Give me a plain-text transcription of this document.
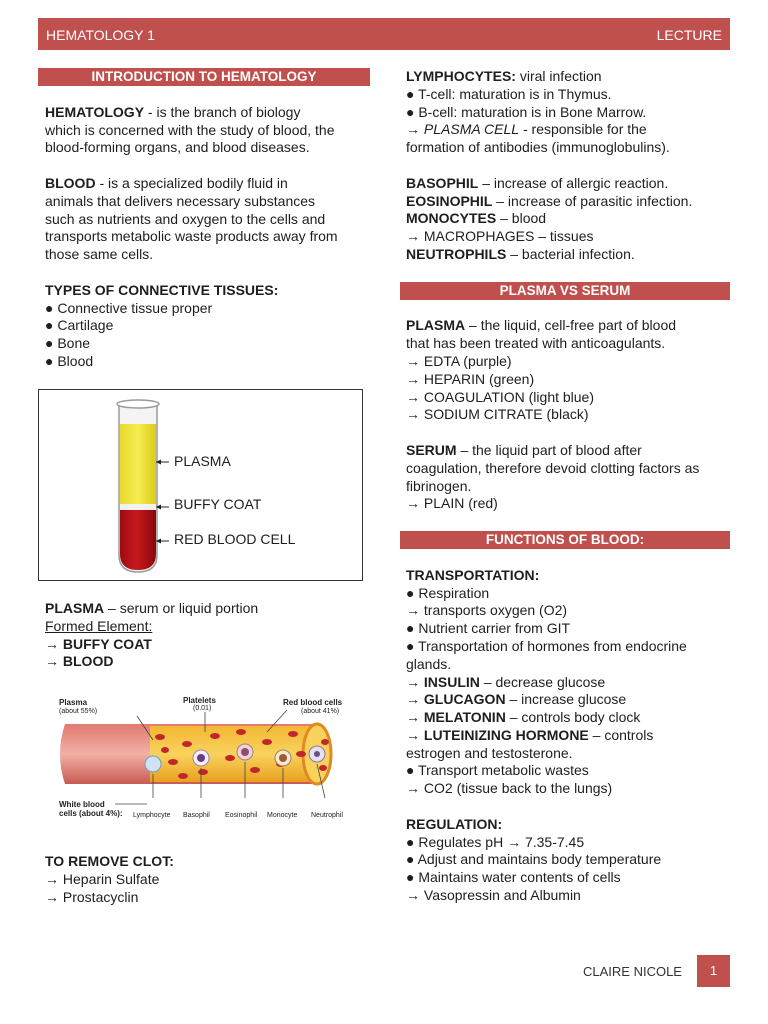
HEMATOLOGY 1	LECTURE
INTRODUCTION TO HEMATOLOGY

HEMATOLOGY - is the branch of biology

which is concerned with the study of blood, the

blood-forming organs, and blood diseases.

BLOOD - is a specialized bodily fluid in

animals that delivers necessary substances

such as nutrients and oxygen to the cells and

transports metabolic waste products away from

those same cells.

TYPES OF CONNECTIVE TISSUES:

● Connective tissue proper

● Cartilage

● Bone

● Blood

PLASMA
BUFFY COAT
RED BLOOD CELL

PLASMA – serum or liquid portion

Formed Element:

→ BUFFY COAT

→ BLOOD

Plasma
(about 55%)
Platelets
(0.01)
Red blood cells
(about 41%)
White blood
cells (about 4%): Lymphocyte Basophil Eosinophil Monocyte Neutrophil

TO REMOVE CLOT:

→ Heparin Sulfate

→ Prostacyclin

LYMPHOCYTES: viral infection

● T-cell: maturation is in Thymus.

● B-cell: maturation is in Bone Marrow.

→ PLASMA CELL - responsible for the

formation of antibodies (immunoglobulins).

BASOPHIL – increase of allergic reaction.

EOSINOPHIL – increase of parasitic infection.

MONOCYTES – blood

→ MACROPHAGES – tissues

NEUTROPHILS – bacterial infection.

PLASMA VS SERUM

PLASMA – the liquid, cell-free part of blood

that has been treated with anticoagulants.

→ EDTA (purple)

→ HEPARIN (green)

→ COAGULATION (light blue)

→ SODIUM CITRATE (black)

SERUM – the liquid part of blood after

coagulation, therefore devoid clotting factors as

fibrinogen.

→ PLAIN (red)

FUNCTIONS OF BLOOD:

TRANSPORTATION:

● Respiration

→ transports oxygen (O2)

● Nutrient carrier from GIT

● Transportation of hormones from endocrine

glands.

→ INSULIN – decrease glucose

→ GLUCAGON – increase glucose

→ MELATONIN – controls body clock

→ LUTEINIZING HORMONE – controls

estrogen and testosterone.

● Transport metabolic wastes

→ CO2 (tissue back to the lungs)

REGULATION:

● Regulates pH → 7.35-7.45

● Adjust and maintains body temperature

● Maintains water contents of cells

→ Vasopressin and Albumin

CLAIRE NICOLE	1
